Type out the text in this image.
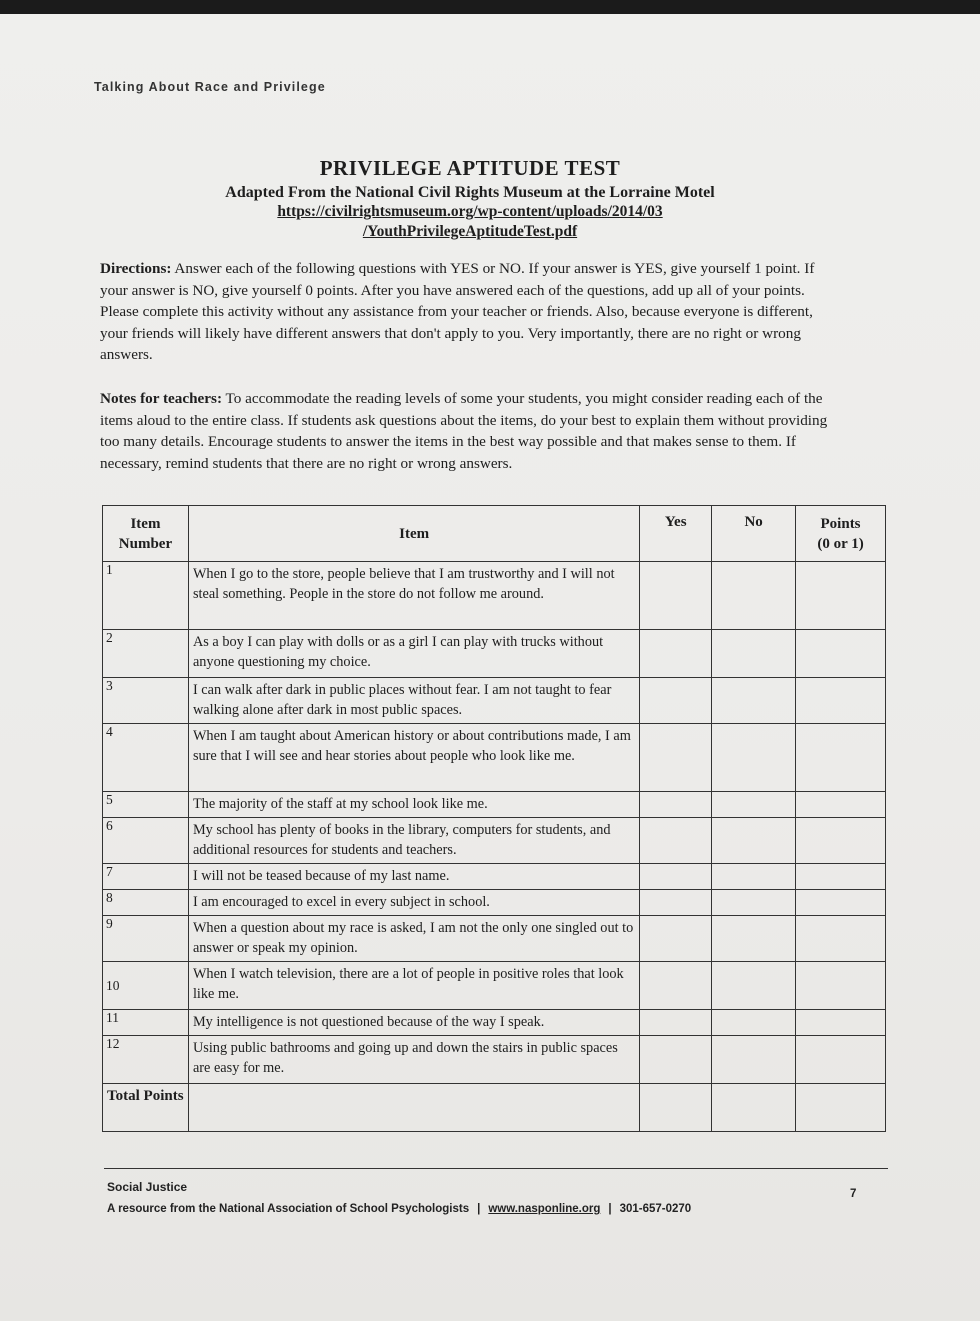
Talking About Race and Privilege
PRIVILEGE APTITUDE TEST
Adapted From the National Civil Rights Museum at the Lorraine Motel
https://civilrightsmuseum.org/wp-content/uploads/2014/03
/YouthPrivilegeAptitudeTest.pdf
Directions: Answer each of the following questions with YES or NO. If your answer is YES, give yourself 1 point. If your answer is NO, give yourself 0 points. After you have answered each of the questions, add up all of your points. Please complete this activity without any assistance from your teacher or friends. Also, because everyone is different, your friends will likely have different answers that don't apply to you. Very importantly, there are no right or wrong answers.
Notes for teachers: To accommodate the reading levels of some your students, you might consider reading each of the items aloud to the entire class. If students ask questions about the items, do your best to explain them without providing too many details. Encourage students to answer the items in the best way possible and that makes sense to them. If necessary, remind students that there are no right or wrong answers.
Item Number	Item	Yes	No	Points
(0 or 1)

1	When I go to the store, people believe that I am trustworthy and I will not steal something. People in the store do not follow me around.			
2	As a boy I can play with dolls or as a girl I can play with trucks without anyone questioning my choice.			
3	I can walk after dark in public places without fear. I am not taught to fear walking alone after dark in most public spaces.			
4	When I am taught about American history or about contributions made, I am sure that I will see and hear stories about people who look like me.			
5	The majority of the staff at my school look like me.			
6	My school has plenty of books in the library, computers for students, and additional resources for students and teachers.			
7	I will not be teased because of my last name.			
8	I am encouraged to excel in every subject in school.			
9	When a question about my race is asked, I am not the only one singled out to answer or speak my opinion.			
10	When I watch television, there are a lot of people in positive roles that look like me.			
11	My intelligence is not questioned because of the way I speak.			
12	Using public bathrooms and going up and down the stairs in public spaces are easy for me.			
Total Points				
Social Justice
A resource from the National Association of School Psychologists | www.nasponline.org | 301-657-0270
7
